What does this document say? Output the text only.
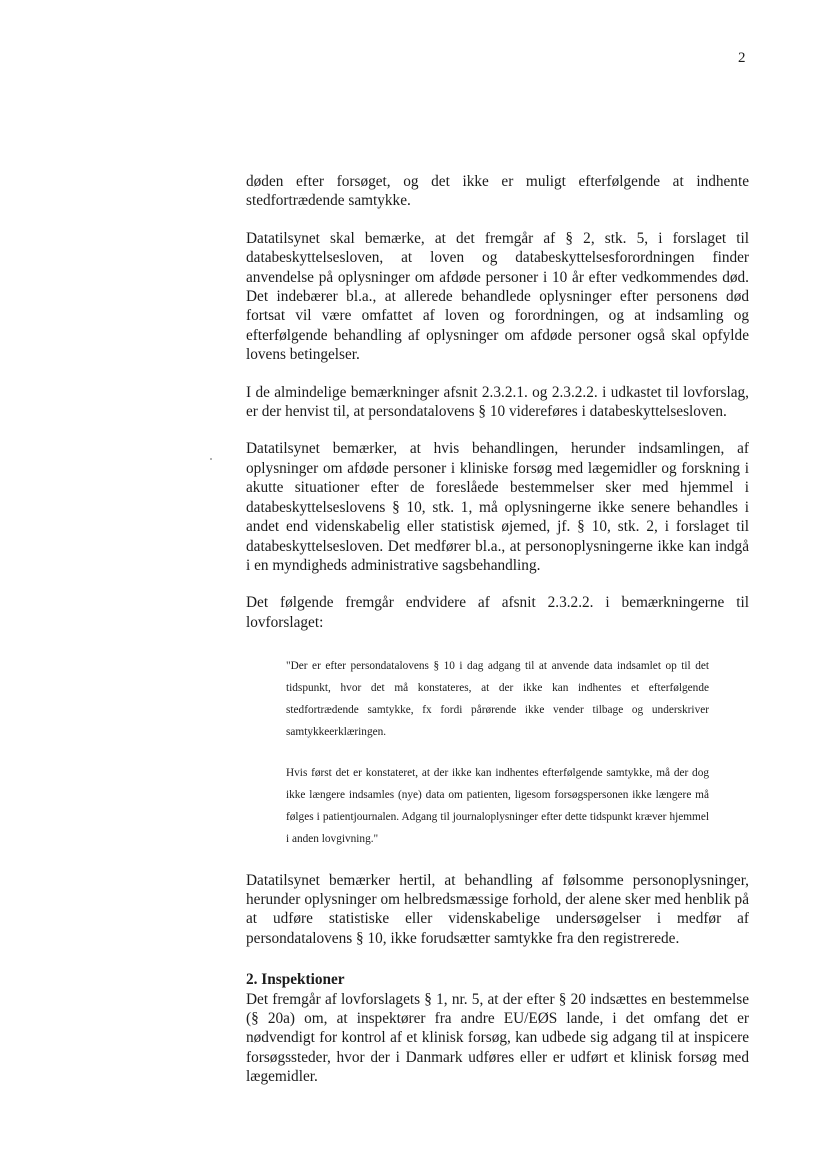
2

døden efter forsøget, og det ikke er muligt efterfølgende at indhente stedfortrædende samtykke.

Datatilsynet skal bemærke, at det fremgår af § 2, stk. 5, i forslaget til databeskyttelsesloven, at loven og databeskyttelsesforordningen finder anvendelse på oplysninger om afdøde personer i 10 år efter vedkommendes død. Det indebærer bl.a., at allerede behandlede oplysninger efter personens død fortsat vil være omfattet af loven og forordningen, og at indsamling og efterfølgende behandling af oplysninger om afdøde personer også skal opfylde lovens betingelser.

I de almindelige bemærkninger afsnit 2.3.2.1. og 2.3.2.2. i udkastet til lovforslag, er der henvist til, at persondatalovens § 10 videreføres i databeskyttelsesloven.

Datatilsynet bemærker, at hvis behandlingen, herunder indsamlingen, af oplysninger om afdøde personer i kliniske forsøg med lægemidler og forskning i akutte situationer efter de foreslåede bestemmelser sker med hjemmel i databeskyttelseslovens § 10, stk. 1, må oplysningerne ikke senere behandles i andet end videnskabelig eller statistisk øjemed, jf. § 10, stk. 2, i forslaget til databeskyttelsesloven. Det medfører bl.a., at personoplysningerne ikke kan indgå i en myndigheds administrative sagsbehandling.

Det følgende fremgår endvidere af afsnit 2.3.2.2. i bemærkningerne til lovforslaget:

"Der er efter persondatalovens § 10 i dag adgang til at anvende data indsamlet op til det tidspunkt, hvor det må konstateres, at der ikke kan indhentes et efterfølgende stedfortrædende samtykke, fx fordi pårørende ikke vender tilbage og underskriver samtykkeerklæringen.

Hvis først det er konstateret, at der ikke kan indhentes efterfølgende samtykke, må der dog ikke længere indsamles (nye) data om patienten, ligesom forsøgspersonen ikke længere må følges i patientjournalen. Adgang til journaloplysninger efter dette tidspunkt kræver hjemmel i anden lovgivning."

Datatilsynet bemærker hertil, at behandling af følsomme personoplysninger, herunder oplysninger om helbredsmæssige forhold, der alene sker med henblik på at udføre statistiske eller videnskabelige undersøgelser i medfør af persondatalovens § 10, ikke forudsætter samtykke fra den registrerede.

2. Inspektioner

Det fremgår af lovforslagets § 1, nr. 5, at der efter § 20 indsættes en bestemmelse (§ 20a) om, at inspektører fra andre EU/EØS lande, i det omfang det er nødvendigt for kontrol af et klinisk forsøg, kan udbede sig adgang til at inspicere forsøgssteder, hvor der i Danmark udføres eller er udført et klinisk forsøg med lægemidler.
